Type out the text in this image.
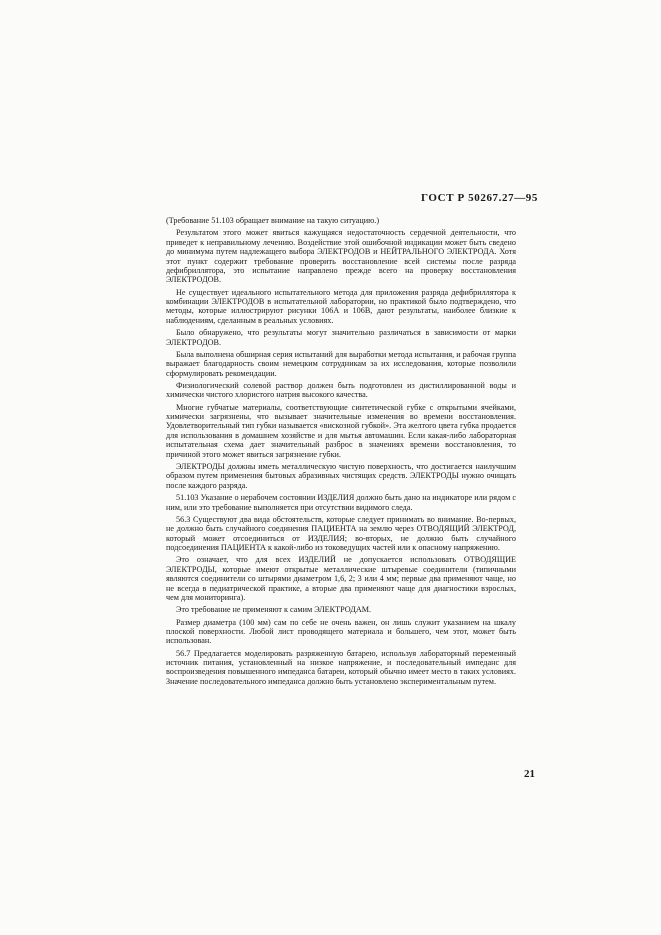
ГОСТ Р 50267.27—95

(Требование 51.103 обращает внимание на такую ситуацию.)

Результатом этого может явиться кажущаяся недостаточность сердечной деятельности, что приведет к неправильному лечению. Воздействие этой ошибочной индикации может быть сведено до минимума путем надлежащего выбора ЭЛЕКТРОДОВ и НЕЙТРАЛЬНОГО ЭЛЕКТРОДА. Хотя этот пункт содержит требование проверить восстановление всей системы после разряда дефибриллятора, это испытание направлено прежде всего на проверку восстановления ЭЛЕКТРОДОВ.

Не существует идеального испытательного метода для приложения разряда дефибриллятора к комбинации ЭЛЕКТРОДОВ в испытательной лаборатории, но практикой было подтверждено, что методы, которые иллюстрируют рисунки 106А и 106В, дают результаты, наиболее близкие к наблюдениям, сделанным в реальных условиях.

Было обнаружено, что результаты могут значительно различаться в зависимости от марки ЭЛЕКТРОДОВ.

Была выполнена обширная серия испытаний для выработки метода испытания, и рабочая группа выражает благодарность своим немецким сотрудникам за их исследования, которые позволили сформулировать рекомендации.

Физиологический солевой раствор должен быть подготовлен из дистиллированной воды и химически чистого хлористого натрия высокого качества.

Многие губчатые материалы, соответствующие синтетической губке с открытыми ячейками, химически загрязнены, что вызывает значительные изменения во времени восстановления. Удовлетворительный тип губки называется «вискозной губкой». Эта желтого цвета губка продается для использования в домашнем хозяйстве и для мытья автомашин. Если какая-либо лабораторная испытательная схема дает значительный разброс в значениях времени восстановления, то причиной этого может явиться загрязнение губки.

ЭЛЕКТРОДЫ должны иметь металлическую чистую поверхность, что достигается наилучшим образом путем применения бытовых абразивных чистящих средств. ЭЛЕКТРОДЫ нужно очищать после каждого разряда.

51.103 Указание о нерабочем состоянии ИЗДЕЛИЯ должно быть дано на индикаторе или рядом с ним, или это требование выполняется при отсутствии видимого следа.

56.3 Существуют два вида обстоятельств, которые следует принимать во внимание. Во-первых, не должно быть случайного соединения ПАЦИЕНТА на землю через ОТВОДЯЩИЙ ЭЛЕКТРОД, который может отсоединиться от ИЗДЕЛИЯ; во-вторых, не должно быть случайного подсоединения ПАЦИЕНТА к какой-либо из токоведущих частей или к опасному напряжению.

Это означает, что для всех ИЗДЕЛИЙ не допускается использовать ОТВОДЯЩИЕ ЭЛЕКТРОДЫ, которые имеют открытые металлические штыревые соединители (типичными являются соединители со штырями диаметром 1,6, 2; 3 или 4 мм; первые два применяют чаще, но не всегда в педиатрической практике, а вторые два применяют чаще для диагностики взрослых, чем для мониторинга).

Это требование не применяют к самим ЭЛЕКТРОДАМ.

Размер диаметра (100 мм) сам по себе не очень важен, он лишь служит указанием на шкалу плоской поверхности. Любой лист проводящего материала и большего, чем этот, может быть использован.

56.7 Предлагается моделировать разряженную батарею, используя лабораторный переменный источник питания, установленный на низкое напряжение, и последовательный импеданс для воспроизведения повышенного импеданса батареи, который обычно имеет место в таких условиях. Значение последовательного импеданса должно быть установлено экспериментальным путем.

21
